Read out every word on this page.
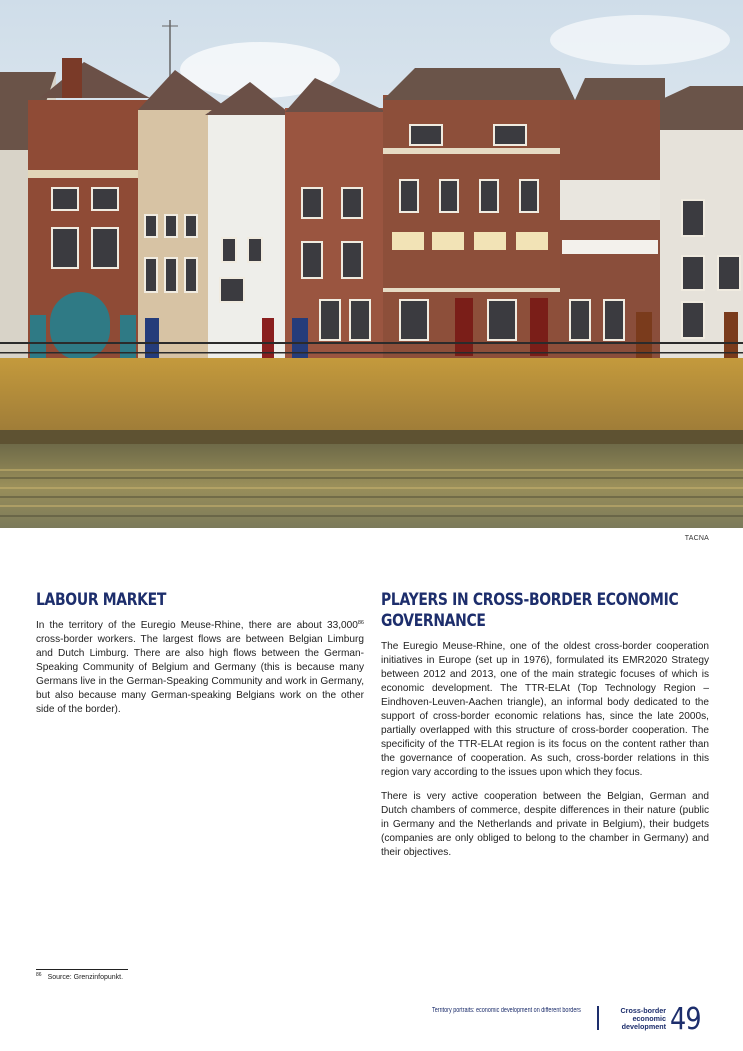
TACNA
LABOUR MARKET

In the territory of the Euregio Meuse-Rhine, there are about 33,000$^{86}$ cross-border workers. The largest flows are between Belgian Limburg and Dutch Limburg. There are also high flows between the German-Speaking Community of Belgium and Germany (this is because many Germans live in the German-Speaking Community and work in Germany, but also because many German-speaking Belgians work on the other side of the border).

PLAYERS IN CROSS-BORDER ECONOMIC GOVERNANCE

The Euregio Meuse-Rhine, one of the oldest cross-border cooperation initiatives in Europe (set up in 1976), formulated its EMR2020 Strategy between 2012 and 2013, one of the main strategic focuses of which is economic development. The TTR-ELAt (Top Technology Region – Eindhoven-Leuven-Aachen triangle), an informal body dedicated to the support of cross-border economic relations has, since the late 2000s, partially overlapped with this structure of cross-border cooperation. The specificity of the TTR-ELAt region is its focus on the content rather than the governance of cooperation. As such, cross-border relations in this region vary according to the issues upon which they focus.

There is very active cooperation between the Belgian, German and Dutch chambers of commerce, despite differences in their nature (public in Germany and the Netherlands and private in Belgium), their budgets (companies are only obliged to belong to the chamber in Germany) and their objectives.

$^{86}$ Source: Grenzinfopunkt.
Territory portraits: economic development on different borders	Cross-border
economic
development 49
